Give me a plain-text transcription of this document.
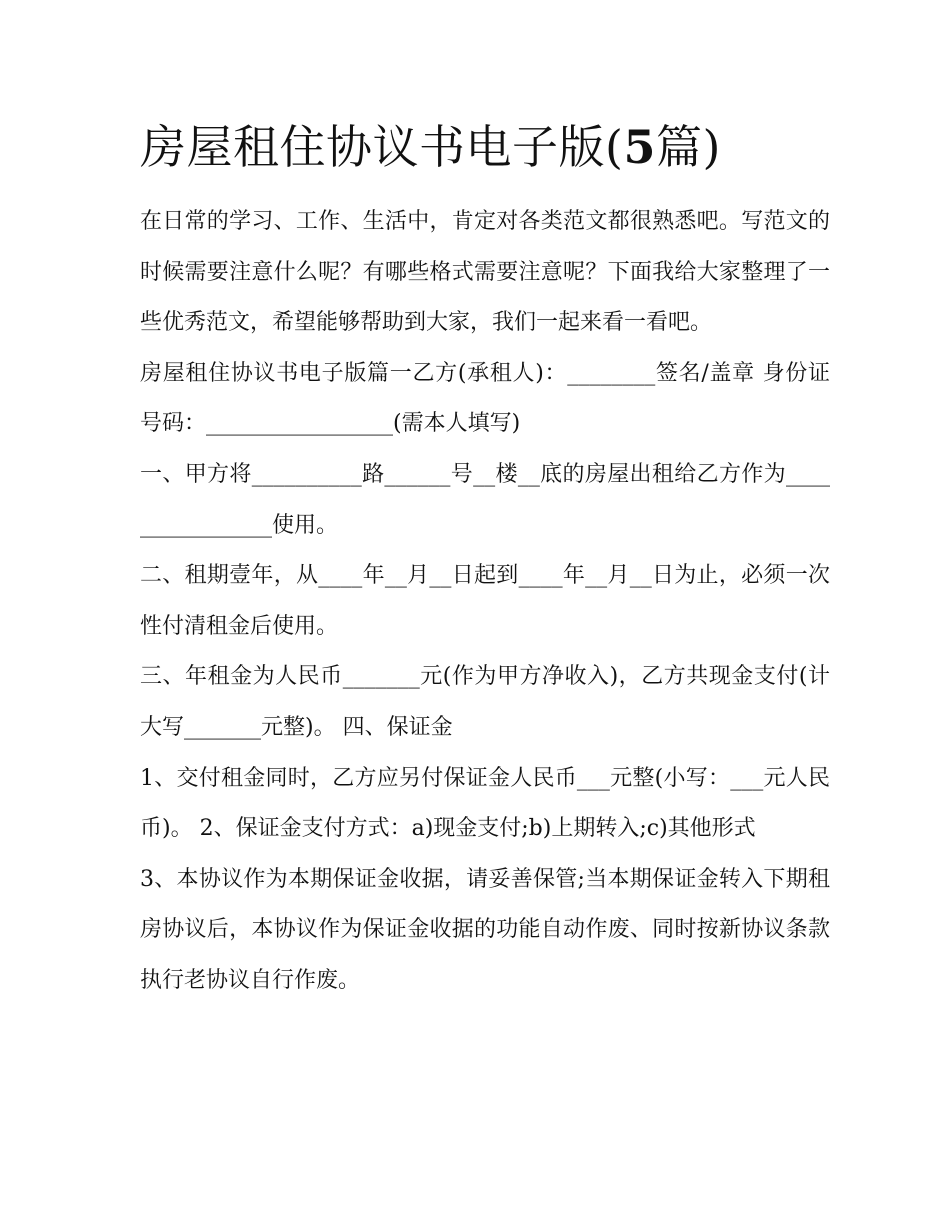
房屋租住协议书电子版(5篇)

在日常的学习、工作、生活中，肯定对各类范文都很熟悉吧。写范文的时候需要注意什么呢？有哪些格式需要注意呢？下面我给大家整理了一些优秀范文，希望能够帮助到大家，我们一起来看一看吧。

房屋租住协议书电子版篇一乙方(承租人)：________签名/盖章 身份证号码：_________________(需本人填写)

一、甲方将__________路______号__楼__底的房屋出租给乙方作为________________使用。

二、租期壹年，从____年__月__日起到____年__月__日为止，必须一次性付清租金后使用。

三、年租金为人民币_______元(作为甲方净收入)，乙方共现金支付(计大写_______元整)。 四、保证金

1、交付租金同时，乙方应另付保证金人民币___元整(小写：___元人民币)。 2、保证金支付方式：a)现金支付;b)上期转入;c)其他形式

3、本协议作为本期保证金收据，请妥善保管;当本期保证金转入下期租房协议后，本协议作为保证金收据的功能自动作废、同时按新协议条款执行老协议自行作废。
